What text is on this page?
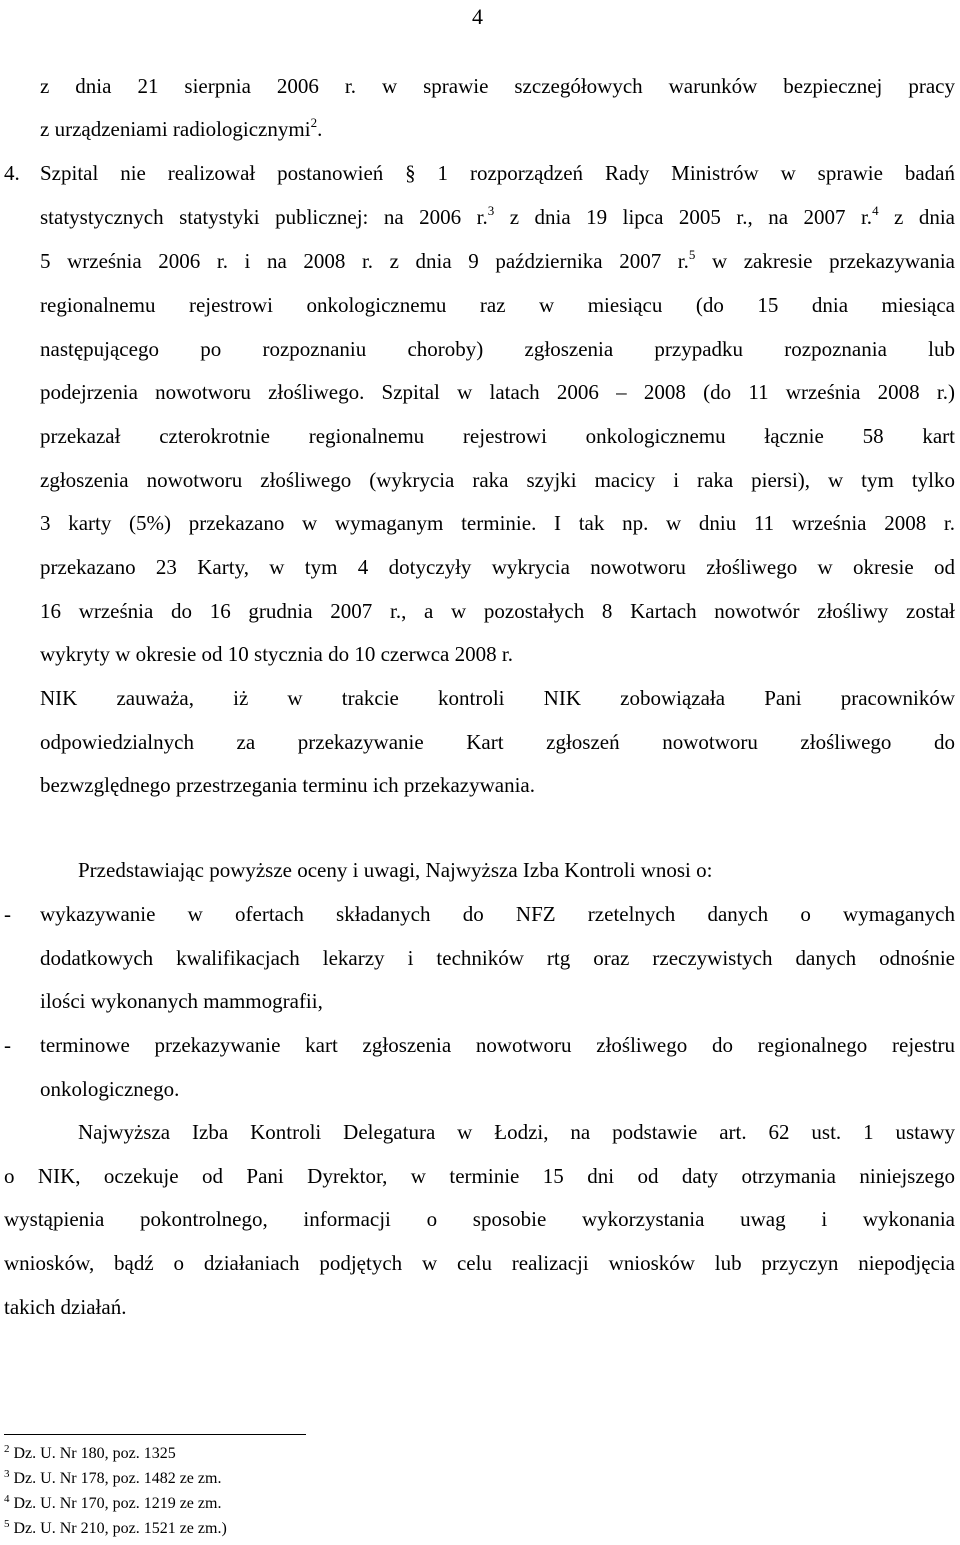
4
z dnia 21 sierpnia 2006 r. w sprawie szczegółowych warunków bezpiecznej pracy
z urządzeniami radiologicznymi$^2$.
4. Szpital nie realizował postanowień § 1 rozporządzeń Rady Ministrów w sprawie badań
statystycznych statystyki publicznej: na 2006 r.$^3$ z dnia 19 lipca 2005 r., na 2007 r.$^4$ z dnia
5 września 2006 r. i na 2008 r. z dnia 9 października 2007 r.$^5$ w zakresie przekazywania
regionalnemu rejestrowi onkologicznemu raz w miesiącu (do 15 dnia miesiąca
następującego po rozpoznaniu choroby) zgłoszenia przypadku rozpoznania lub
podejrzenia nowotworu złośliwego. Szpital w latach 2006 – 2008 (do 11 września 2008 r.)
przekazał czterokrotnie regionalnemu rejestrowi onkologicznemu łącznie 58 kart
zgłoszenia nowotworu złośliwego (wykrycia raka szyjki macicy i raka piersi), w tym tylko
3 karty (5%) przekazano w wymaganym terminie. I tak np. w dniu 11 września 2008 r.
przekazano 23 Karty, w tym 4 dotyczyły wykrycia nowotworu złośliwego w okresie od
16 września do 16 grudnia 2007 r., a w pozostałych 8 Kartach nowotwór złośliwy został
wykryty w okresie od 10 stycznia do 10 czerwca 2008 r.
NIK zauważa, iż w trakcie kontroli NIK zobowiązała Pani pracowników
odpowiedzialnych za przekazywanie Kart zgłoszeń nowotworu złośliwego do
bezwzględnego przestrzegania terminu ich przekazywania.
Przedstawiając powyższe oceny i uwagi, Najwyższa Izba Kontroli wnosi o:
- wykazywanie w ofertach składanych do NFZ rzetelnych danych o wymaganych
dodatkowych kwalifikacjach lekarzy i techników rtg oraz rzeczywistych danych odnośnie
ilości wykonanych mammografii,
- terminowe przekazywanie kart zgłoszenia nowotworu złośliwego do regionalnego rejestru
onkologicznego.
Najwyższa Izba Kontroli Delegatura w Łodzi, na podstawie art. 62 ust. 1 ustawy
o NIK, oczekuje od Pani Dyrektor, w terminie 15 dni od daty otrzymania niniejszego
wystąpienia pokontrolnego, informacji o sposobie wykorzystania uwag i wykonania
wniosków, bądź o działaniach podjętych w celu realizacji wniosków lub przyczyn niepodjęcia
takich działań.
$^2$ Dz. U. Nr 180, poz. 1325
$^3$ Dz. U. Nr 178, poz. 1482 ze zm.
$^4$ Dz. U. Nr 170, poz. 1219 ze zm.
$^5$ Dz. U. Nr 210, poz. 1521 ze zm.)
